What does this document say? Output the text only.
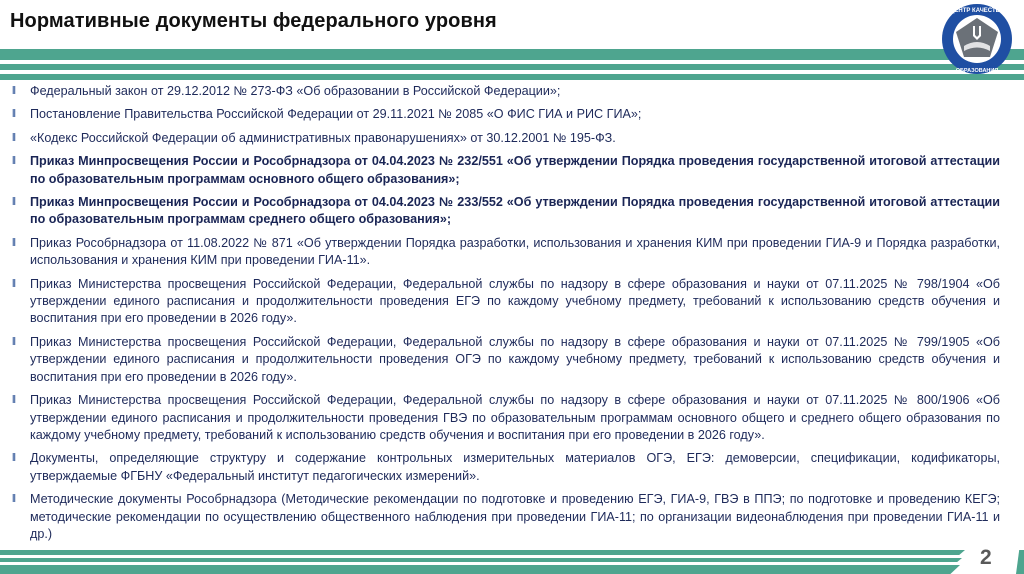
Нормативные документы федерального уровня	ЦЕНТР КАЧЕСТВА
ОБРАЗОВАНИЯ
ll Федеральный закон от 29.12.2012 № 273-ФЗ «Об образовании в Российской Федерации»;
ll Постановление Правительства Российской Федерации от 29.11.2021 № 2085 «О ФИС ГИА и РИС ГИА»;
ll «Кодекс Российской Федерации об административных правонарушениях» от 30.12.2001 № 195-ФЗ.
ll Приказ Минпросвещения России и Рособрнадзора от 04.04.2023 № 232/551 «Об утверждении Порядка проведения государственной итоговой аттестации по образовательным программам основного общего образования»;
ll Приказ Минпросвещения России и Рособрнадзора от 04.04.2023 № 233/552 «Об утверждении Порядка проведения государственной итоговой аттестации по образовательным программам среднего общего образования»;
ll Приказ Рособрнадзора от 11.08.2022 № 871 «Об утверждении Порядка разработки, использования и хранения КИМ при проведении ГИА-9 и Порядка разработки, использования и хранения КИМ при проведении ГИА-11».
ll Приказ Министерства просвещения Российской Федерации, Федеральной службы по надзору в сфере образования и науки от 07.11.2025 № 798/1904 «Об утверждении единого расписания и продолжительности проведения ЕГЭ по каждому учебному предмету, требований к использованию средств обучения и воспитания при его проведении в 2026 году».
ll Приказ Министерства просвещения Российской Федерации, Федеральной службы по надзору в сфере образования и науки от 07.11.2025 № 799/1905 «Об утверждении единого расписания и продолжительности проведения ОГЭ по каждому учебному предмету, требований к использованию средств обучения и воспитания при его проведении в 2026 году».
ll Приказ Министерства просвещения Российской Федерации, Федеральной службы по надзору в сфере образования и науки от 07.11.2025 № 800/1906 «Об утверждении единого расписания и продолжительности проведения ГВЭ по образовательным программам основного общего и среднего общего образования по каждому учебному предмету, требований к использованию средств обучения и воспитания при его проведении в 2026 году».
ll Документы, определяющие структуру и содержание контрольных измерительных материалов ОГЭ, ЕГЭ: демоверсии, спецификации, кодификаторы, утверждаемые ФГБНУ «Федеральный институт педагогических измерений».
ll Методические документы Рособрнадзора (Методические рекомендации по подготовке и проведению ЕГЭ, ГИА-9, ГВЭ в ППЭ; по подготовке и проведению КЕГЭ; методические рекомендации по осуществлению общественного наблюдения при проведении ГИА-11; по организации видеонаблюдения при проведении ГИА-11 и др.)
2
